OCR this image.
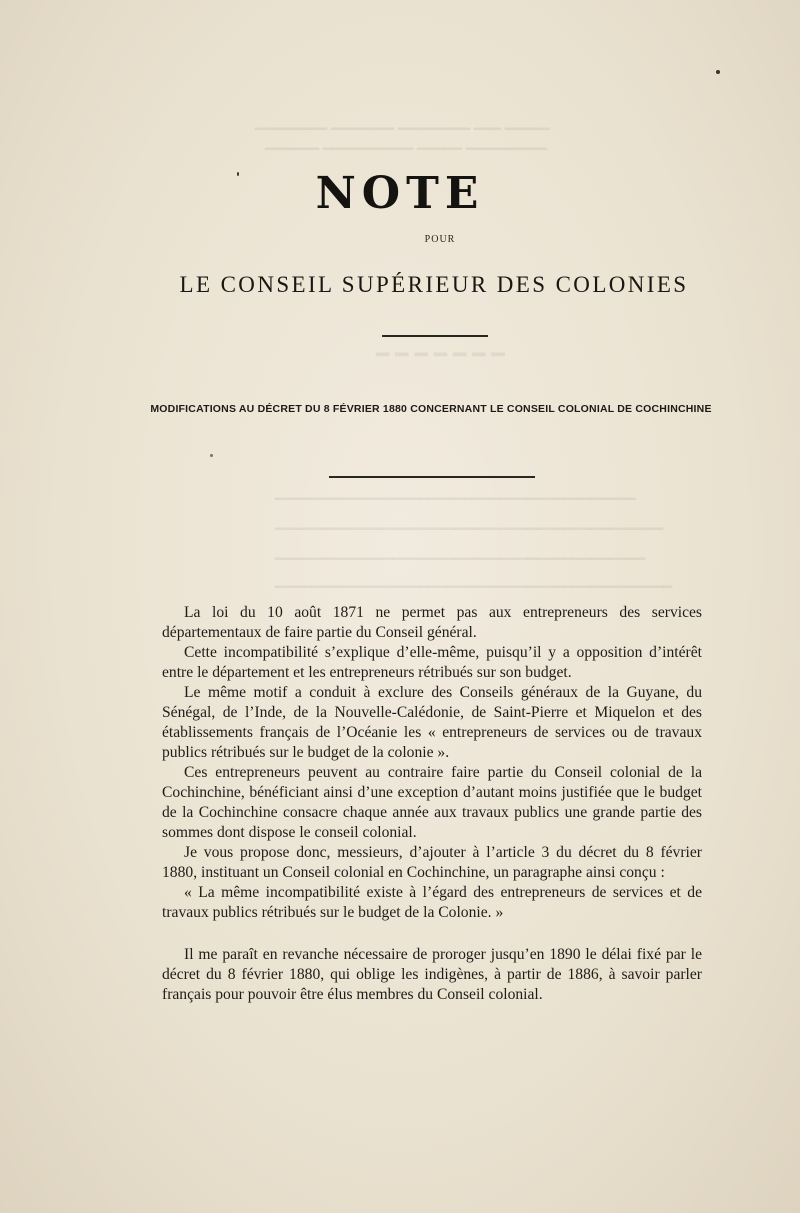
━━━━━ ━━━ ━━━━━━━━ ━━━━━━━ ━━━━━━━━
━━━━━━━━━ ━━━━━ ━━━━━━━━━━ ━━━━━━
━━━━━━━
━━━━━━━━━━━━━━━━━━━━━━━━━━━━━━━━━━━━━━━━
━━━━━━━━━━━━━━━━━━━━━━━━━━━━━━━━━━━━━━━━━━━
━━━━━━━━━━━━━━━━━━━━━━━━━━━━━━━━━━━━━━━━━
━━━━━━━━━━━━━━━━━━━━━━━━━━━━━━━━━━━━━━━━━━━━
NOTE
POUR
LE CONSEIL SUPÉRIEUR DES COLONIES
MODIFICATIONS AU DÉCRET DU 8 FÉVRIER 1880 CONCERNANT LE CONSEIL COLONIAL DE COCHINCHINE

La loi du 10 août 1871 ne permet pas aux entrepreneurs des services départementaux de faire partie du Conseil général.

Cette incompatibilité s’explique d’elle-même, puisqu’il y a opposition d’intérêt entre le département et les entrepreneurs rétribués sur son budget.

Le même motif a conduit à exclure des Conseils généraux de la Guyane, du Sénégal, de l’Inde, de la Nouvelle-Calédonie, de Saint-Pierre et Miquelon et des établissements français de l’Océanie les « entrepreneurs de services ou de travaux publics rétribués sur le budget de la colonie ».

Ces entrepreneurs peuvent au contraire faire partie du Conseil colonial de la Cochinchine, bénéficiant ainsi d’une exception d’autant moins justifiée que le budget de la Cochinchine consacre chaque année aux travaux publics une grande partie des sommes dont dispose le conseil colonial.

Je vous propose donc, messieurs, d’ajouter à l’article 3 du décret du 8 février 1880, instituant un Conseil colonial en Cochinchine, un paragraphe ainsi conçu :

« La même incompatibilité existe à l’égard des entrepreneurs de services et de travaux publics rétribués sur le budget de la Colonie. »

Il me paraît en revanche nécessaire de proroger jusqu’en 1890 le délai fixé par le décret du 8 février 1880, qui oblige les indigènes, à partir de 1886, à savoir parler français pour pouvoir être élus membres du Conseil colonial.
